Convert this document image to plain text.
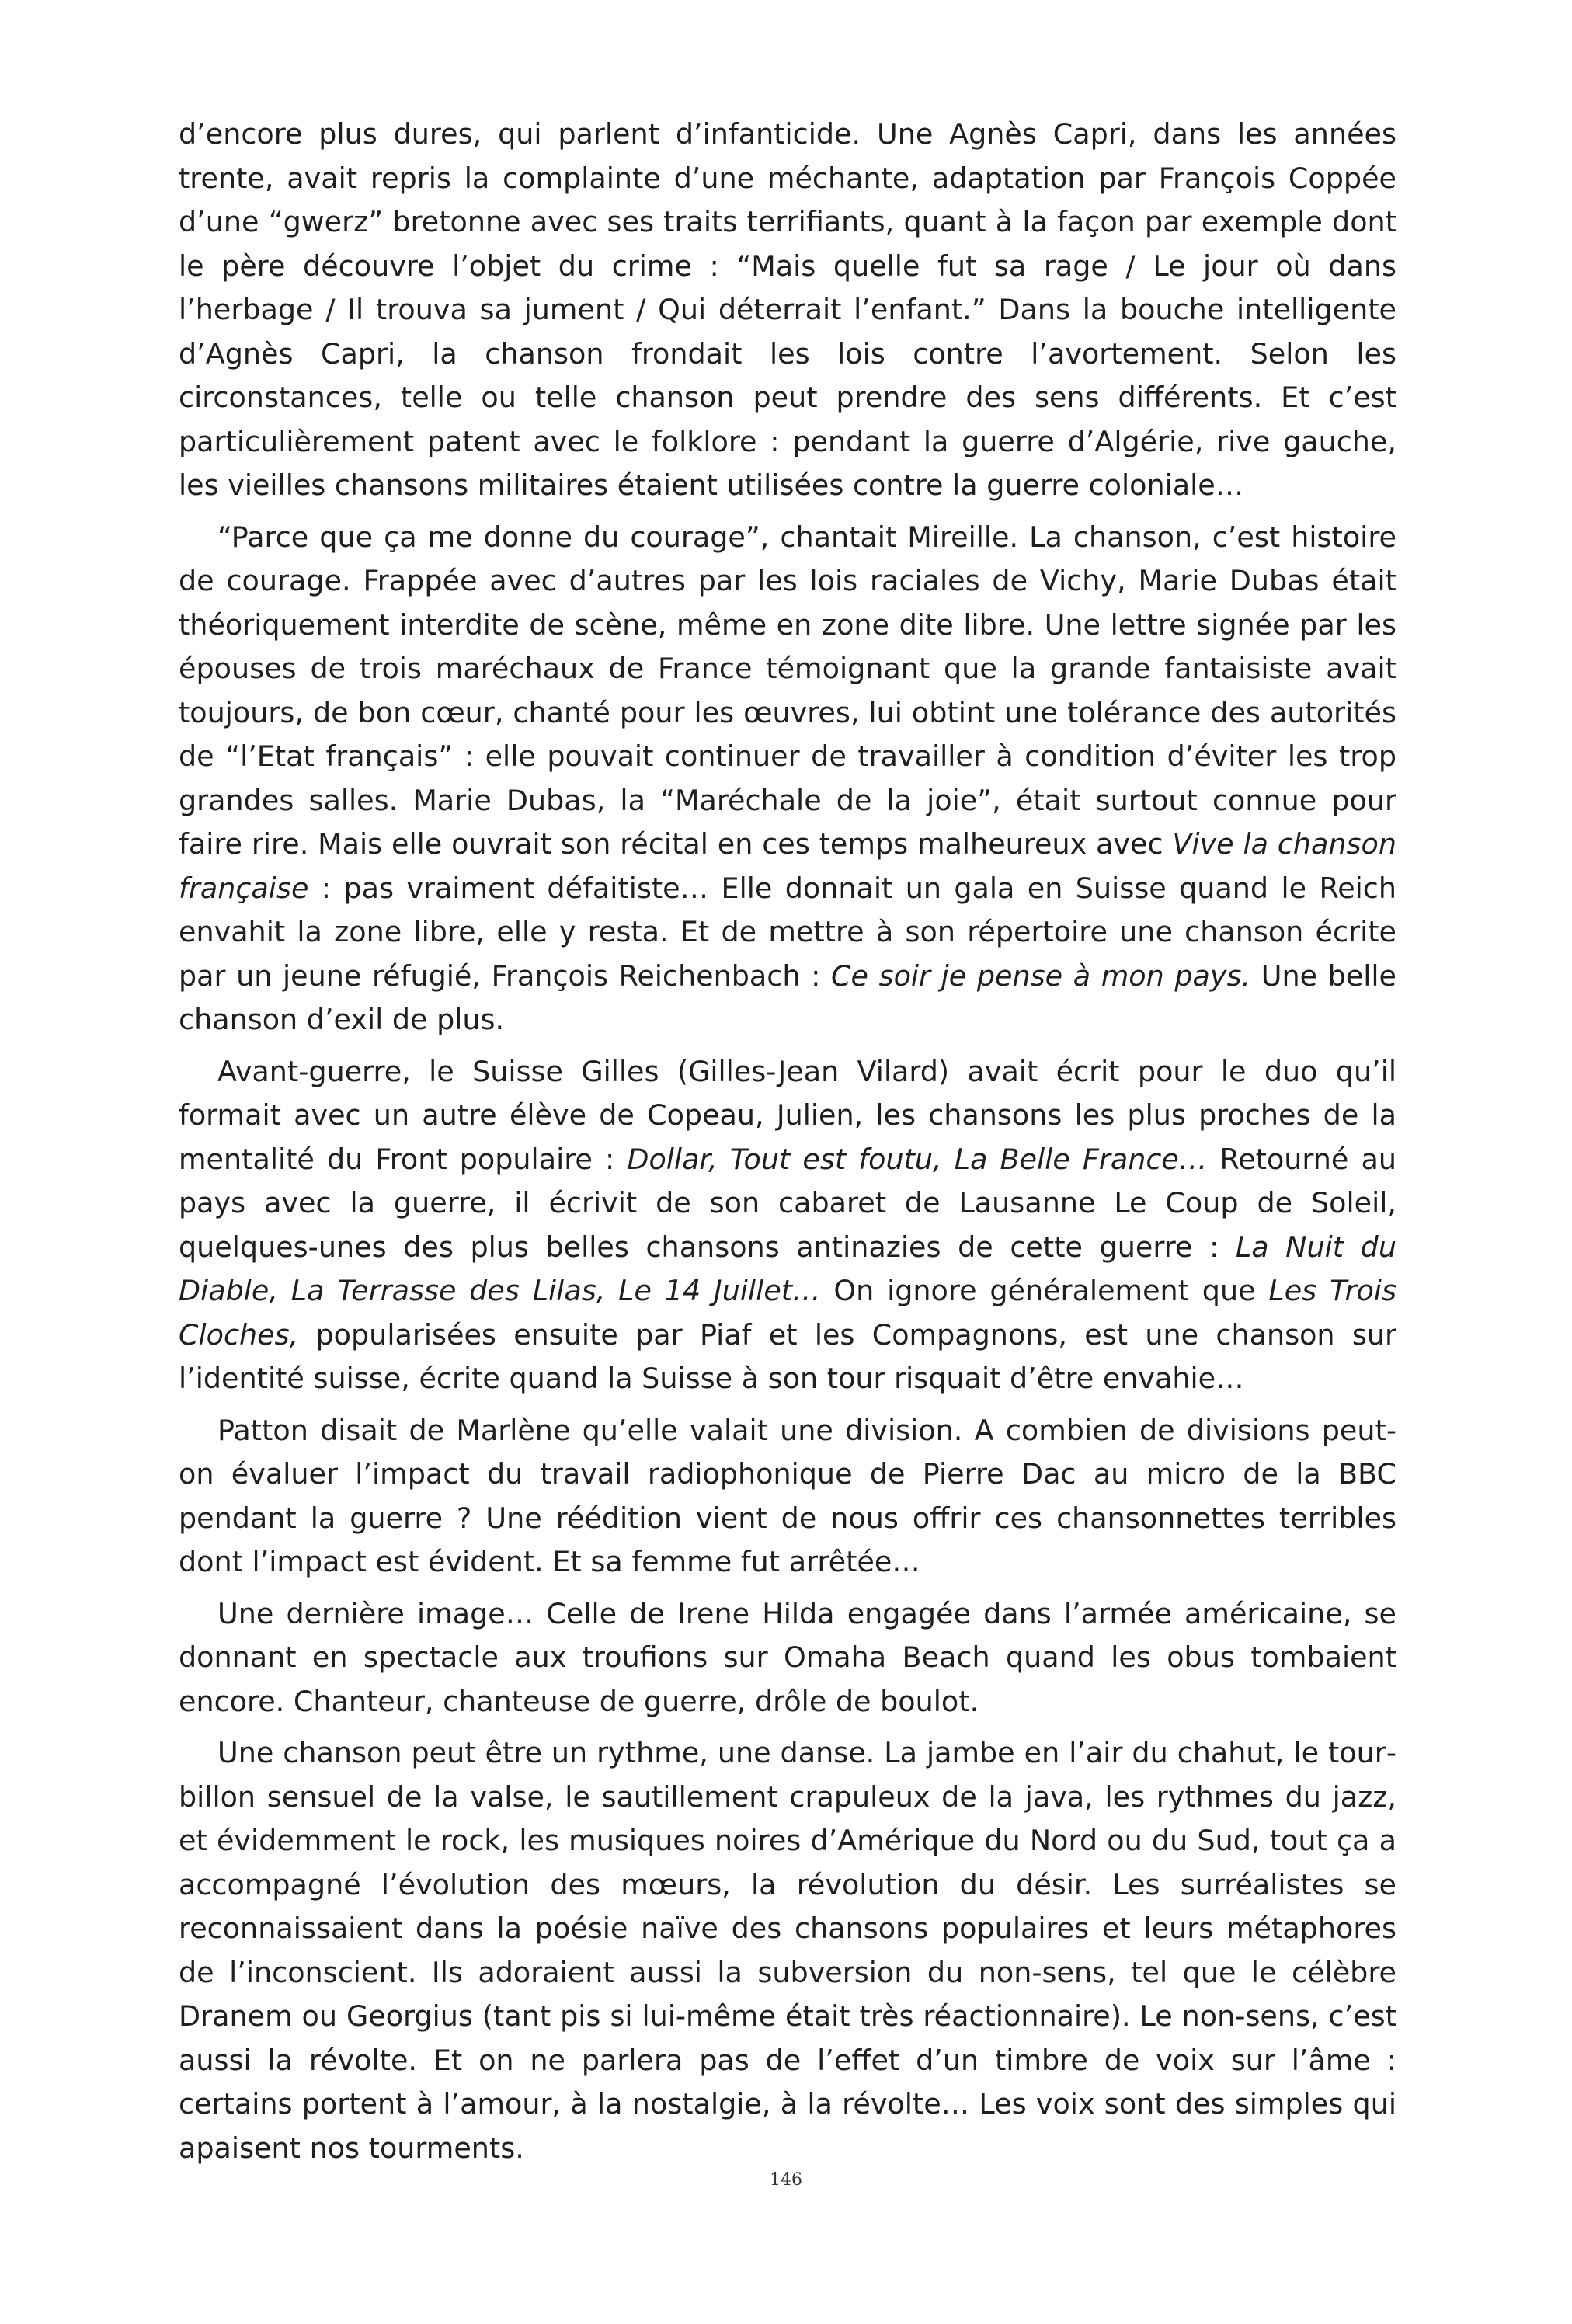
d’encore plus dures, qui parlent d’infanticide. Une Agnès Capri, dans les années trente, avait repris la complainte d’une méchante, adaptation par François Coppée d’une “gwerz” bretonne avec ses traits terrifiants, quant à la façon par exemple dont le père découvre l’objet du crime : “Mais quelle fut sa rage / Le jour où dans l’herbage / Il trouva sa jument / Qui déterrait l’enfant.” Dans la bouche intelligente d’Agnès Capri, la chanson frondait les lois contre l’avortement. Selon les circonstances, telle ou telle chanson peut prendre des sens différents. Et c’est particulièrement patent avec le folklore : pendant la guerre d’Algérie, rive gauche, les vieilles chansons militaires étaient utilisées contre la guerre coloniale…

“Parce que ça me donne du courage”, chantait Mireille. La chanson, c’est histoire de courage. Frappée avec d’autres par les lois raciales de Vichy, Marie Dubas était théoriquement interdite de scène, même en zone dite libre. Une lettre signée par les épouses de trois maréchaux de France témoignant que la grande fantaisiste avait toujours, de bon cœur, chanté pour les œuvres, lui obtint une tolérance des autorités de “l’Etat français” : elle pouvait continuer de travailler à condition d’éviter les trop grandes salles. Marie Dubas, la “Maréchale de la joie”, était surtout connue pour faire rire. Mais elle ouvrait son récital en ces temps malheureux avec Vive la chanson française : pas vraiment défaitiste… Elle donnait un gala en Suisse quand le Reich envahit la zone libre, elle y resta. Et de mettre à son répertoire une chanson écrite par un jeune réfugié, François Reichenbach : Ce soir je pense à mon pays. Une belle chanson d’exil de plus.

Avant-guerre, le Suisse Gilles (Gilles-Jean Vilard) avait écrit pour le duo qu’il formait avec un autre élève de Copeau, Julien, les chansons les plus proches de la mentalité du Front populaire : Dollar, Tout est foutu, La Belle France… Retourné au pays avec la guerre, il écrivit de son cabaret de Lausanne Le Coup de Soleil, quelques-unes des plus belles chansons antinazies de cette guerre : La Nuit du Diable, La Terrasse des Lilas, Le 14 Juillet… On ignore généralement que Les Trois Cloches, popularisées ensuite par Piaf et les Compagnons, est une chanson sur l’identité suisse, écrite quand la Suisse à son tour risquait d’être envahie…

Patton disait de Marlène qu’elle valait une division. A combien de divisions peut-on évaluer l’impact du travail radiophonique de Pierre Dac au micro de la BBC pendant la guerre ? Une réédition vient de nous offrir ces chansonnettes terribles dont l’impact est évident. Et sa femme fut arrêtée…

Une dernière image… Celle de Irene Hilda engagée dans l’armée américaine, se donnant en spectacle aux troufions sur Omaha Beach quand les obus tombaient encore. Chanteur, chanteuse de guerre, drôle de boulot.

Une chanson peut être un rythme, une danse. La jambe en l’air du chahut, le tourbillon sensuel de la valse, le sautillement crapuleux de la java, les rythmes du jazz, et évidemment le rock, les musiques noires d’Amérique du Nord ou du Sud, tout ça a accompagné l’évolution des mœurs, la révolution du désir. Les surréalistes se reconnaissaient dans la poésie naïve des chansons populaires et leurs métaphores de l’inconscient. Ils adoraient aussi la subversion du non-sens, tel que le célèbre Dranem ou Georgius (tant pis si lui-même était très réactionnaire). Le non-sens, c’est aussi la révolte. Et on ne parlera pas de l’effet d’un timbre de voix sur l’âme : certains portent à l’amour, à la nostalgie, à la révolte… Les voix sont des simples qui apaisent nos tourments.

146
